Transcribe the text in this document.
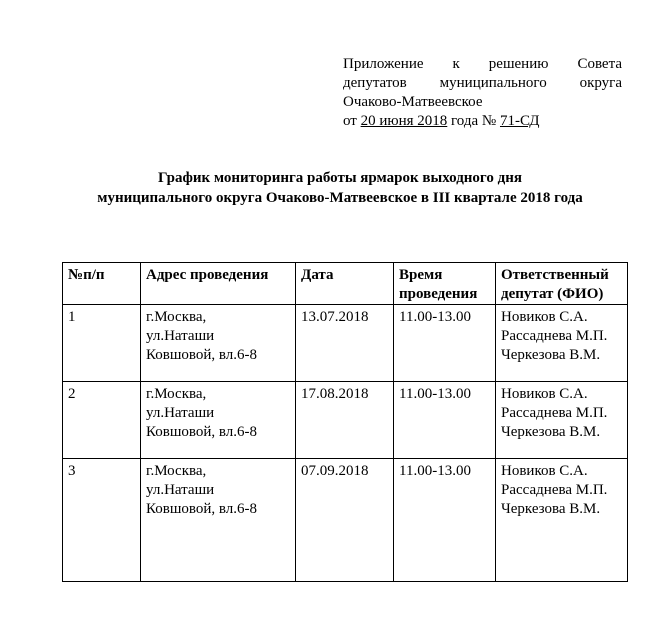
Приложение к решению Совета
депутатов муниципального округа
Очаково-Матвеевское
от 20 июня 2018 года № 71-СД
График мониторинга работы ярмарок выходного дня
муниципального округа Очаково-Матвеевское в III квартале 2018 года
№п/п	Адрес проведения	Дата	Время
проведения	Ответственный
депутат (ФИО)

1	г.Москва,
ул.Наташи
Ковшовой, вл.6-8	13.07.2018	11.00-13.00	Новиков С.А.
Рассаднева М.П.
Черкезова В.М.

2	г.Москва,
ул.Наташи
Ковшовой, вл.6-8	17.08.2018	11.00-13.00	Новиков С.А.
Рассаднева М.П.
Черкезова В.М.

3	г.Москва,
ул.Наташи
Ковшовой, вл.6-8	07.09.2018	11.00-13.00	Новиков С.А.
Рассаднева М.П.
Черкезова В.М.
